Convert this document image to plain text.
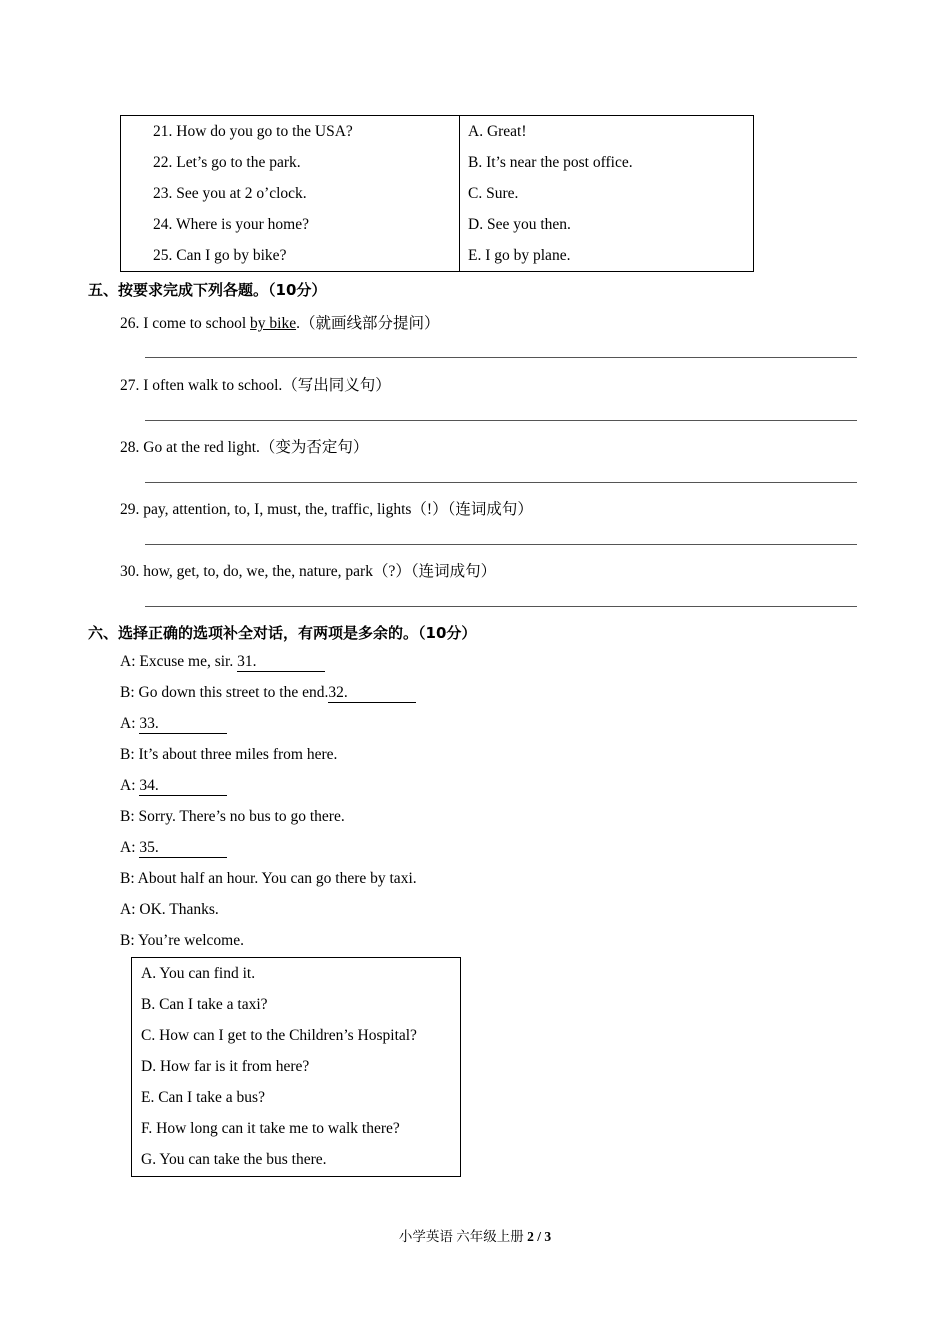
21. How do you go to the USA?
22. Let’s go to the park.
23. See you at 2 o’clock.
24. Where is your home?
25. Can I go by bike?
A. Great!
B. It’s near the post office.
C. Sure.
D. See you then.
E. I go by plane.
五、按要求完成下列各题。（10分）
26. I come to school by bike.（就画线部分提问）
27. I often walk to school.（写出同义句）
28. Go at the red light.（变为否定句）
29. pay, attention, to, I, must, the, traffic, lights（!）（连词成句）
30. how, get, to, do, we, the, nature, park（?）（连词成句）
六、选择正确的选项补全对话，有两项是多余的。（10分）
A: Excuse me, sir. 31.
B: Go down this street to the end.32.
A: 33.
B: It’s about three miles from here.
A: 34.
B: Sorry. There’s no bus to go there.
A: 35.
B: About half an hour. You can go there by taxi.
A: OK. Thanks.
B: You’re welcome.
A. You can find it.
B. Can I take a taxi?
C. How can I get to the Children’s Hospital?
D. How far is it from here?
E. Can I take a bus?
F. How long can it take me to walk there?
G. You can take the bus there.
小学英语 六年级上册 2 / 3
